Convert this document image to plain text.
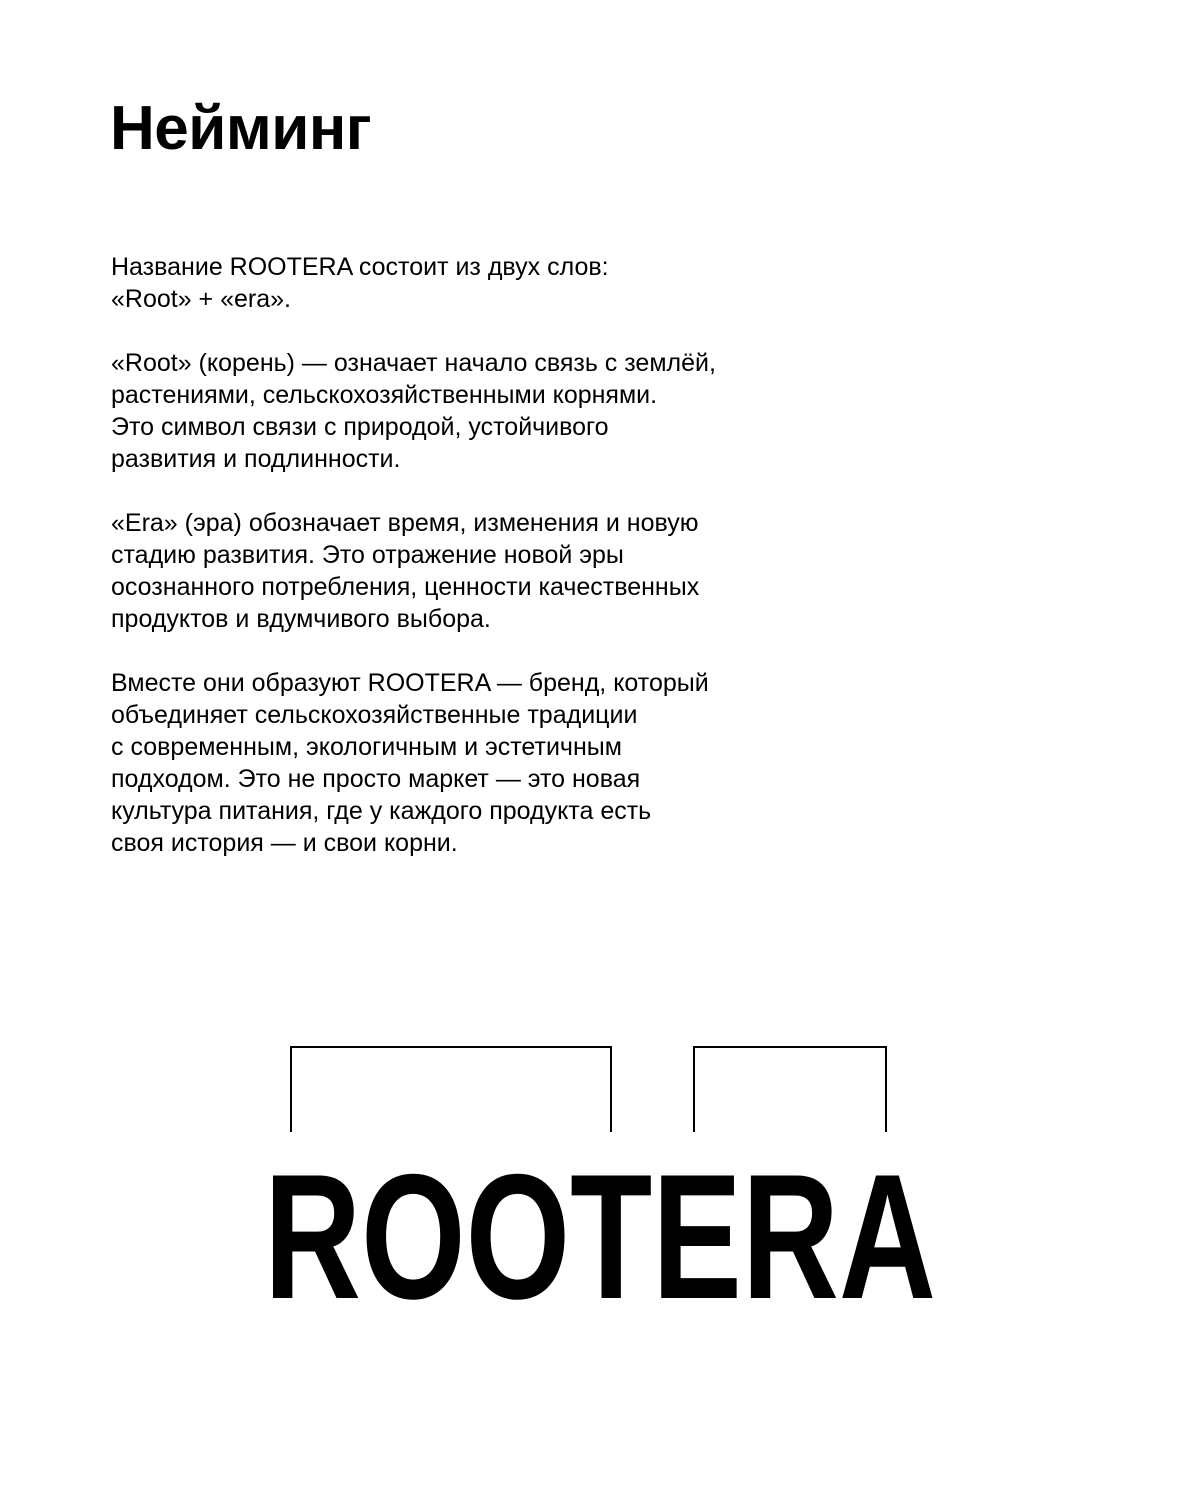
Нейминг

Название ROOTERA состоит из двух слов:
«Root» + «era».

«Root» (корень) — означает начало связь с землёй,
растениями, сельскохозяйственными корнями.
Это символ связи с природой, устойчивого
развития и подлинности.

«Era» (эра) обозначает время, изменения и новую
стадию развития. Это отражение новой эры
осознанного потребления, ценности качественных
продуктов и вдумчивого выбора.

Вместе они образуют ROOTERA — бренд, который
объединяет сельскохозяйственные традиции
с современным, экологичным и эстетичным
подходом. Это не просто маркет — это новая
культура питания, где у каждого продукта есть
своя история — и свои корни.

ROOTERA
